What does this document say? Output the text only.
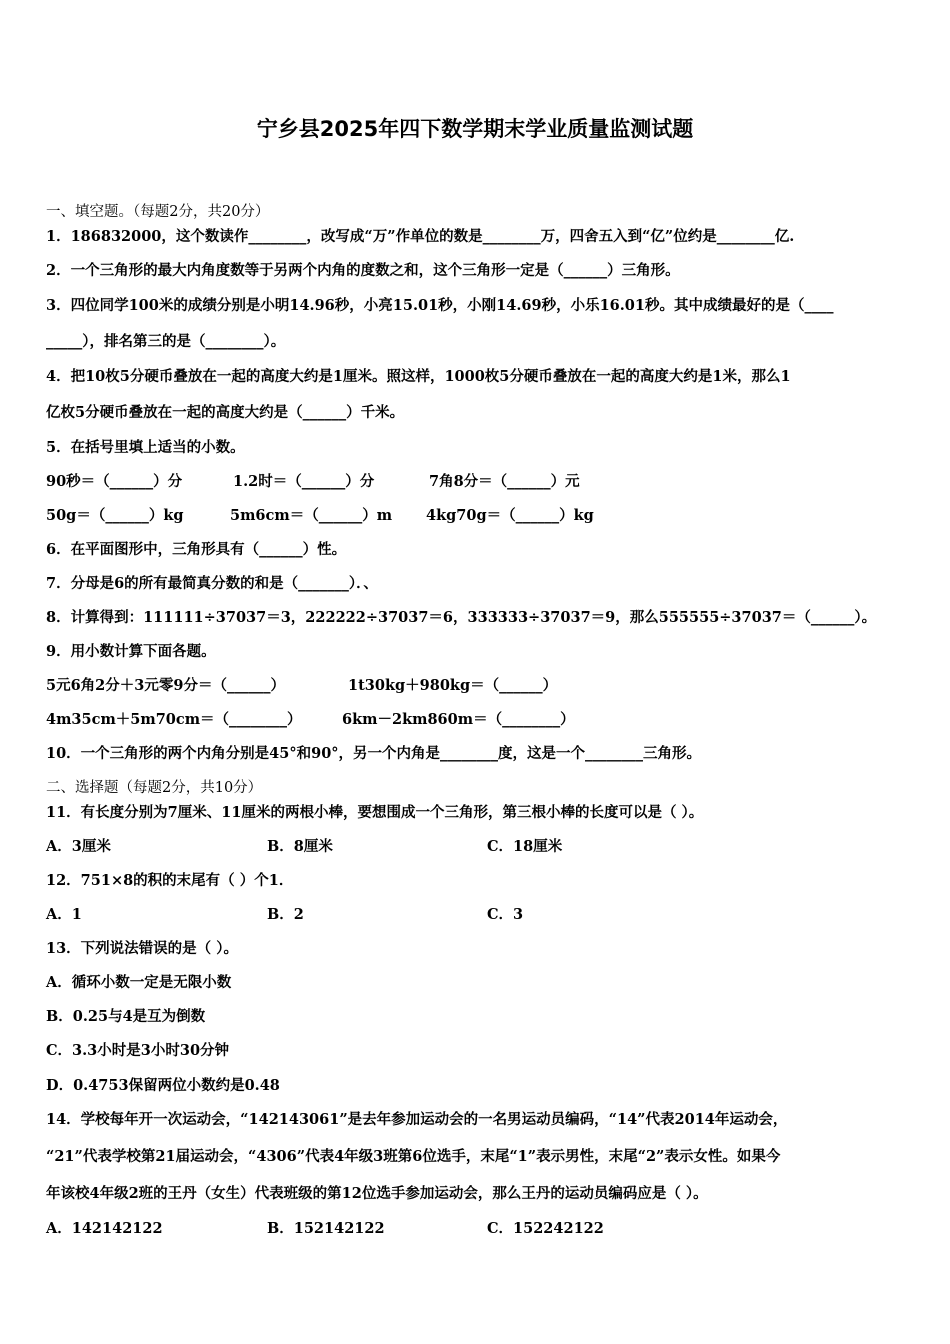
宁乡县2025年四下数学期末学业质量监测试题
一、填空题。（每题2分，共20分）
1．186832000，这个数读作________，改写成“万”作单位的数是________万，四舍五入到“亿”位约是________亿.
2．一个三角形的最大内角度数等于另两个内角的度数之和，这个三角形一定是（______）三角形。
3．四位同学100米的成绩分别是小明14.96秒，小亮15.01秒，小刚14.69秒，小乐16.01秒。其中成绩最好的是（____
_____），排名第三的是（________）。
4．把10枚5分硬币叠放在一起的高度大约是1厘米。照这样，1000枚5分硬币叠放在一起的高度大约是1米，那么1
亿枚5分硬币叠放在一起的高度大约是（______）千米。
5．在括号里填上适当的小数。
90秒＝（______）分	1.2时＝（______）分	7角8分＝（______）元
50g＝（______）kg	5m6cm＝（______）m 4kg70g＝（______）kg
6．在平面图形中，三角形具有（______）性。
7．分母是6的所有最简真分数的和是（_______）．、
8．计算得到：111111÷37037＝3，222222÷37037＝6，333333÷37037＝9，那么555555÷37037＝（______）。
9．用小数计算下面各题。
5元6角2分＋3元零9分＝（______）	1t30kg＋980kg＝（______）
4m35cm＋5m70cm＝（________）	6km－2km860m＝（________）
10．一个三角形的两个内角分别是45°和90°，另一个内角是________度，这是一个________三角形。
二、选择题（每题2分，共10分）
11．有长度分别为7厘米、11厘米的两根小棒，要想围成一个三角形，第三根小棒的长度可以是（ ）。
A．3厘米	B．8厘米	C．18厘米
12．751×8的积的末尾有（ ）个1．
A．1	B．2	C．3
13．下列说法错误的是（ ）。
A．循环小数一定是无限小数
B．0.25与4是互为倒数
C．3.3小时是3小时30分钟
D．0.4753保留两位小数约是0.48
14．学校每年开一次运动会，“142143061”是去年参加运动会的一名男运动员编码，“14”代表2014年运动会，
“21”代表学校第21届运动会，“4306”代表4年级3班第6位选手，末尾“1”表示男性，末尾“2”表示女性。如果今
年该校4年级2班的王丹（女生）代表班级的第12位选手参加运动会，那么王丹的运动员编码应是（ ）。
A．142142122	B．152142122	C．152242122
